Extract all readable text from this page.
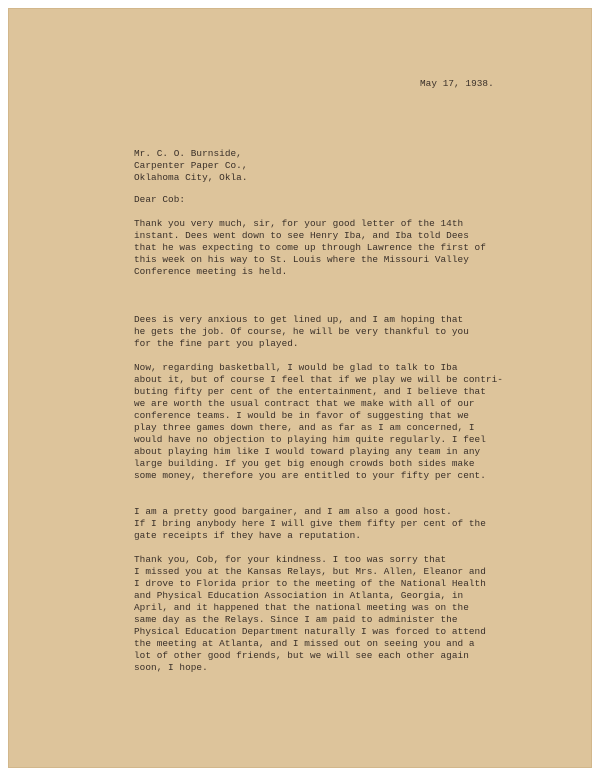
May 17, 1938.
Mr. C. O. Burnside,
Carpenter Paper Co.,
Oklahoma City, Okla.
Dear Cob:
Thank you very much, sir, for your good letter of the 14th
instant. Dees went down to see Henry Iba, and Iba told Dees
that he was expecting to come up through Lawrence the first of
this week on his way to St. Louis where the Missouri Valley
Conference meeting is held.
Dees is very anxious to get lined up, and I am hoping that
he gets the job. Of course, he will be very thankful to you
for the fine part you played.
Now, regarding basketball, I would be glad to talk to Iba
about it, but of course I feel that if we play we will be contri-
buting fifty per cent of the entertainment, and I believe that
we are worth the usual contract that we make with all of our
conference teams. I would be in favor of suggesting that we
play three games down there, and as far as I am concerned, I
would have no objection to playing him quite regularly. I feel
about playing him like I would toward playing any team in any
large building. If you get big enough crowds both sides make
some money, therefore you are entitled to your fifty per cent.
I am a pretty good bargainer, and I am also a good host.
If I bring anybody here I will give them fifty per cent of the
gate receipts if they have a reputation.
Thank you, Cob, for your kindness. I too was sorry that
I missed you at the Kansas Relays, but Mrs. Allen, Eleanor and
I drove to Florida prior to the meeting of the National Health
and Physical Education Association in Atlanta, Georgia, in
April, and it happened that the national meeting was on the
same day as the Relays. Since I am paid to administer the
Physical Education Department naturally I was forced to attend
the meeting at Atlanta, and I missed out on seeing you and a
lot of other good friends, but we will see each other again
soon, I hope.
